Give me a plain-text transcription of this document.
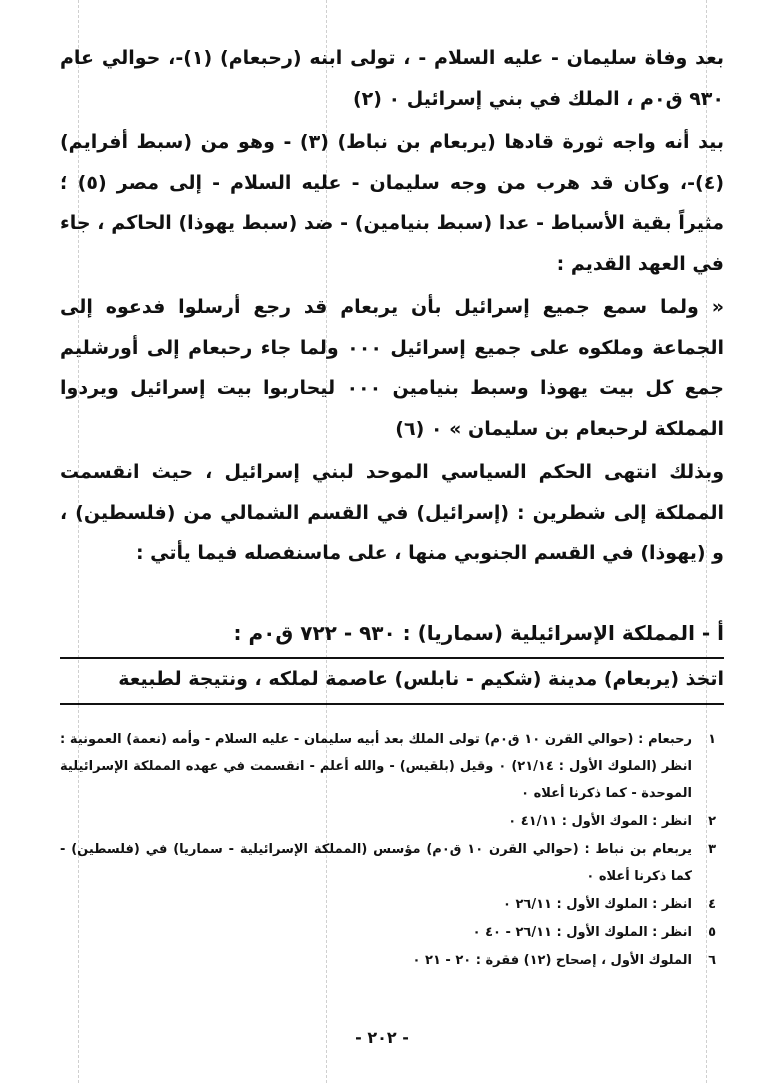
بعد وفاة سليمان - عليه السلام - ، تولى ابنه (رحبعام) (١)-، حوالي عام ٩٣٠ ق٠م ، الملك في بني إسرائيل ٠ (٢)

بيد أنه واجه ثورة قادها (يربعام بن نباط) (٣) - وهو من (سبط أفرايم) (٤)-، وكان قد هرب من وجه سليمان - عليه السلام - إلى مصر (٥) ؛ مثيراً بقية الأسباط - عدا (سبط بنيامين) - ضد (سبط يهوذا) الحاكم ، جاء في العهد القديم :

« ولما سمع جميع إسرائيل بأن يربعام قد رجع أرسلوا فدعوه إلى الجماعة وملكوه على جميع إسرائيل ٠٠٠ ولما جاء رحبعام إلى أورشليم جمع كل بيت يهوذا وسبط بنيامين ٠٠٠ ليحاربوا بيت إسرائيل ويردوا المملكة لرحبعام بن سليمان » ٠ (٦)

وبذلك انتهى الحكم السياسي الموحد لبني إسرائيل ، حيث انقسمت المملكة إلى شطرين : (إسرائيل) في القسم الشمالي من (فلسطين) ، و (يهوذا) في القسم الجنوبي منها ، على ماسنفصله فيما يأتي :

أ - المملكة الإسرائيلية (سماريا) : ٩٣٠ - ٧٢٢ ق٠م :

اتخذ (يربعام) مدينة (شكيم - نابلس) عاصمة لملكه ، ونتيجة لطبيعة

١
رحبعام : (حوالي القرن ١٠ ق٠م) تولى الملك بعد أبيه سليمان - عليه السلام - وأمه (نعمة) العمونية : انظر (الملوك الأول : ٢١/١٤) ٠ وقيل (بلقيس) - والله أعلم - انقسمت في عهده المملكة الإسرائيلية الموحدة - كما ذكرنا أعلاه ٠
٢
انظر : الموك الأول : ٤١/١١ ٠
٣
يربعام بن نباط : (حوالي القرن ١٠ ق٠م) مؤسس (المملكة الإسرائيلية - سماريا) في (فلسطين) - كما ذكرنا أعلاه ٠
٤
انظر : الملوك الأول : ٢٦/١١ ٠
٥
انظر : الملوك الأول : ٢٦/١١ - ٤٠ ٠
٦
الملوك الأول ، إصحاح (١٢) فقرة : ٢٠ - ٢١ ٠
- ٢٠٢ -
